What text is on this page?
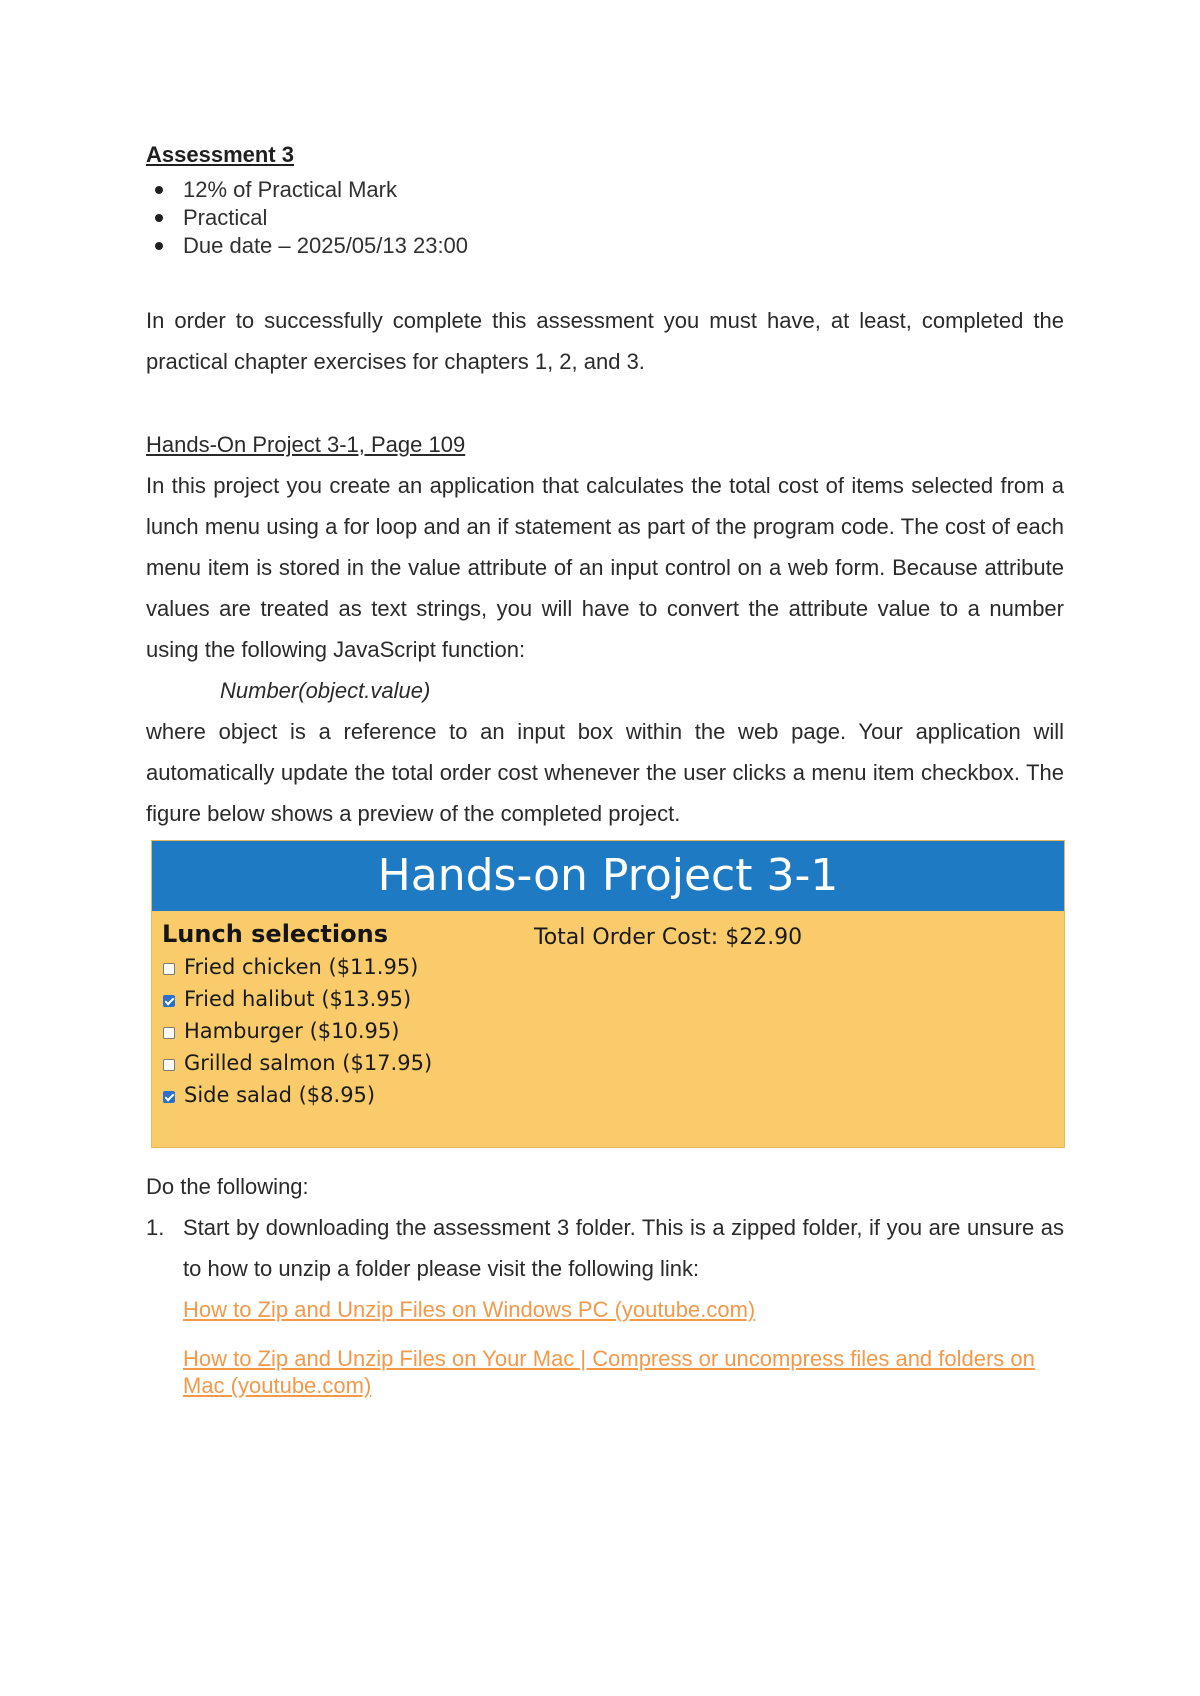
Assessment 3
12% of Practical Mark
Practical
Due date – 2025/05/13 23:00

In order to successfully complete this assessment you must have, at least, completed the practical chapter exercises for chapters 1, 2, and 3.

Hands-On Project 3-1, Page 109

In this project you create an application that calculates the total cost of items selected from a lunch menu using a for loop and an if statement as part of the program code. The cost of each menu item is stored in the value attribute of an input control on a web form. Because attribute values are treated as text strings, you will have to convert the attribute value to a number using the following JavaScript function:

Number(object.value)

where object is a reference to an input box within the web page. Your application will automatically update the total order cost whenever the user clicks a menu item checkbox. The figure below shows a preview of the completed project.

Hands-on Project 3-1
Lunch selections
Fried chicken ($11.95)
Fried halibut ($13.95)
Hamburger ($10.95)
Grilled salmon ($17.95)
Side salad ($8.95)
Total Order Cost: $22.90
Do the following:
1. Start by downloading the assessment 3 folder. This is a zipped folder, if you are unsure as to how to unzip a folder please visit the following link:

How to Zip and Unzip Files on Windows PC (youtube.com)
How to Zip and Unzip Files on Your Mac | Compress or uncompress files and folders on Mac (youtube.com)
